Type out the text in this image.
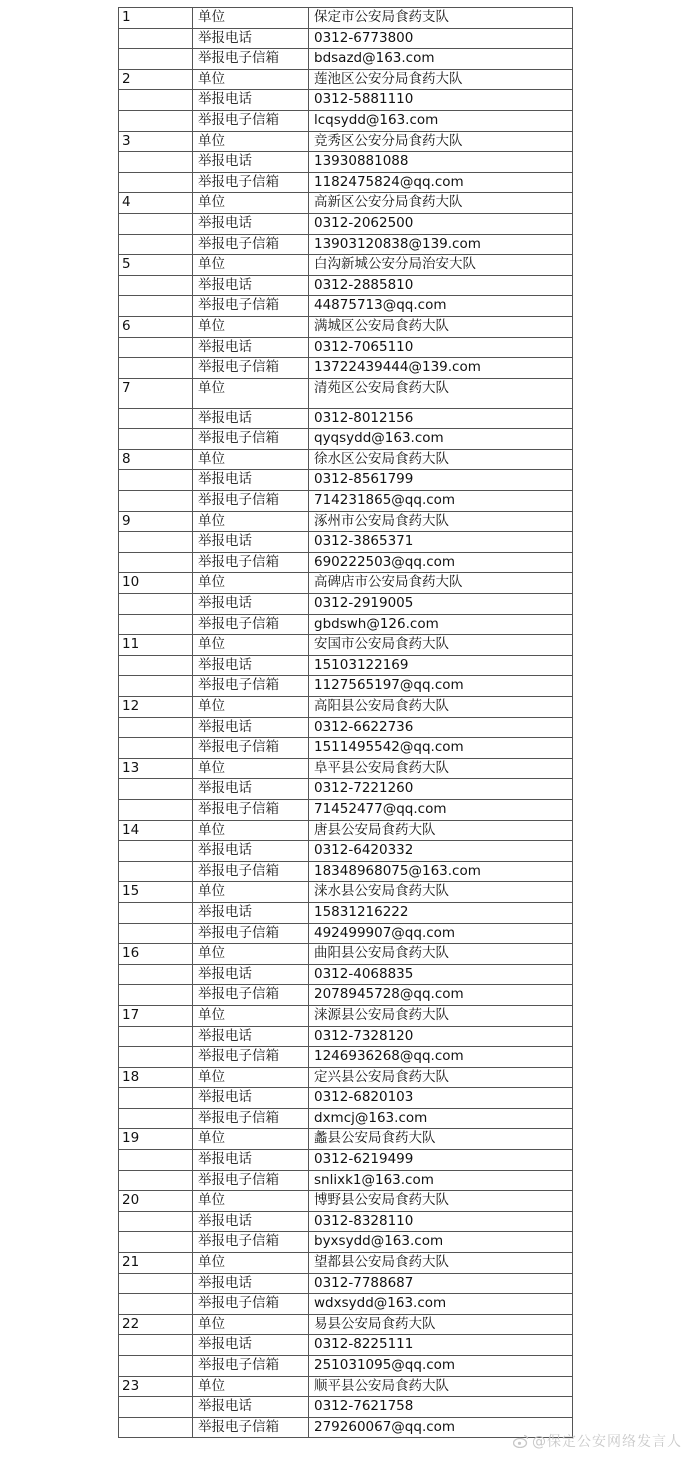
1	单位	保定市公安局食药支队
	举报电话	0312-6773800
	举报电子信箱	bdsazd@163.com
2	单位	莲池区公安分局食药大队
	举报电话	0312-5881110
	举报电子信箱	lcqsydd@163.com
3	单位	竞秀区公安分局食药大队
	举报电话	13930881088
	举报电子信箱	1182475824@qq.com
4	单位	高新区公安分局食药大队
	举报电话	0312-2062500
	举报电子信箱	13903120838@139.com
5	单位	白沟新城公安分局治安大队
	举报电话	0312-2885810
	举报电子信箱	44875713@qq.com
6	单位	满城区公安局食药大队
	举报电话	0312-7065110
	举报电子信箱	13722439444@139.com
7	单位	清苑区公安局食药大队
	举报电话	0312-8012156
	举报电子信箱	qyqsydd@163.com
8	单位	徐水区公安局食药大队
	举报电话	0312-8561799
	举报电子信箱	714231865@qq.com
9	单位	涿州市公安局食药大队
	举报电话	0312-3865371
	举报电子信箱	690222503@qq.com
10	单位	高碑店市公安局食药大队
	举报电话	0312-2919005
	举报电子信箱	gbdswh@126.com
11	单位	安国市公安局食药大队
	举报电话	15103122169
	举报电子信箱	1127565197@qq.com
12	单位	高阳县公安局食药大队
	举报电话	0312-6622736
	举报电子信箱	1511495542@qq.com
13	单位	阜平县公安局食药大队
	举报电话	0312-7221260
	举报电子信箱	71452477@qq.com
14	单位	唐县公安局食药大队
	举报电话	0312-6420332
	举报电子信箱	18348968075@163.com
15	单位	涞水县公安局食药大队
	举报电话	15831216222
	举报电子信箱	492499907@qq.com
16	单位	曲阳县公安局食药大队
	举报电话	0312-4068835
	举报电子信箱	2078945728@qq.com
17	单位	涞源县公安局食药大队
	举报电话	0312-7328120
	举报电子信箱	1246936268@qq.com
18	单位	定兴县公安局食药大队
	举报电话	0312-6820103
	举报电子信箱	dxmcj@163.com
19	单位	蠡县公安局食药大队
	举报电话	0312-6219499
	举报电子信箱	snlixk1@163.com
20	单位	博野县公安局食药大队
	举报电话	0312-8328110
	举报电子信箱	byxsydd@163.com
21	单位	望都县公安局食药大队
	举报电话	0312-7788687
	举报电子信箱	wdxsydd@163.com
22	单位	易县公安局食药大队
	举报电话	0312-8225111
	举报电子信箱	251031095@qq.com
23	单位	顺平县公安局食药大队
	举报电话	0312-7621758
	举报电子信箱	279260067@qq.com
@保定公安网络发言人
